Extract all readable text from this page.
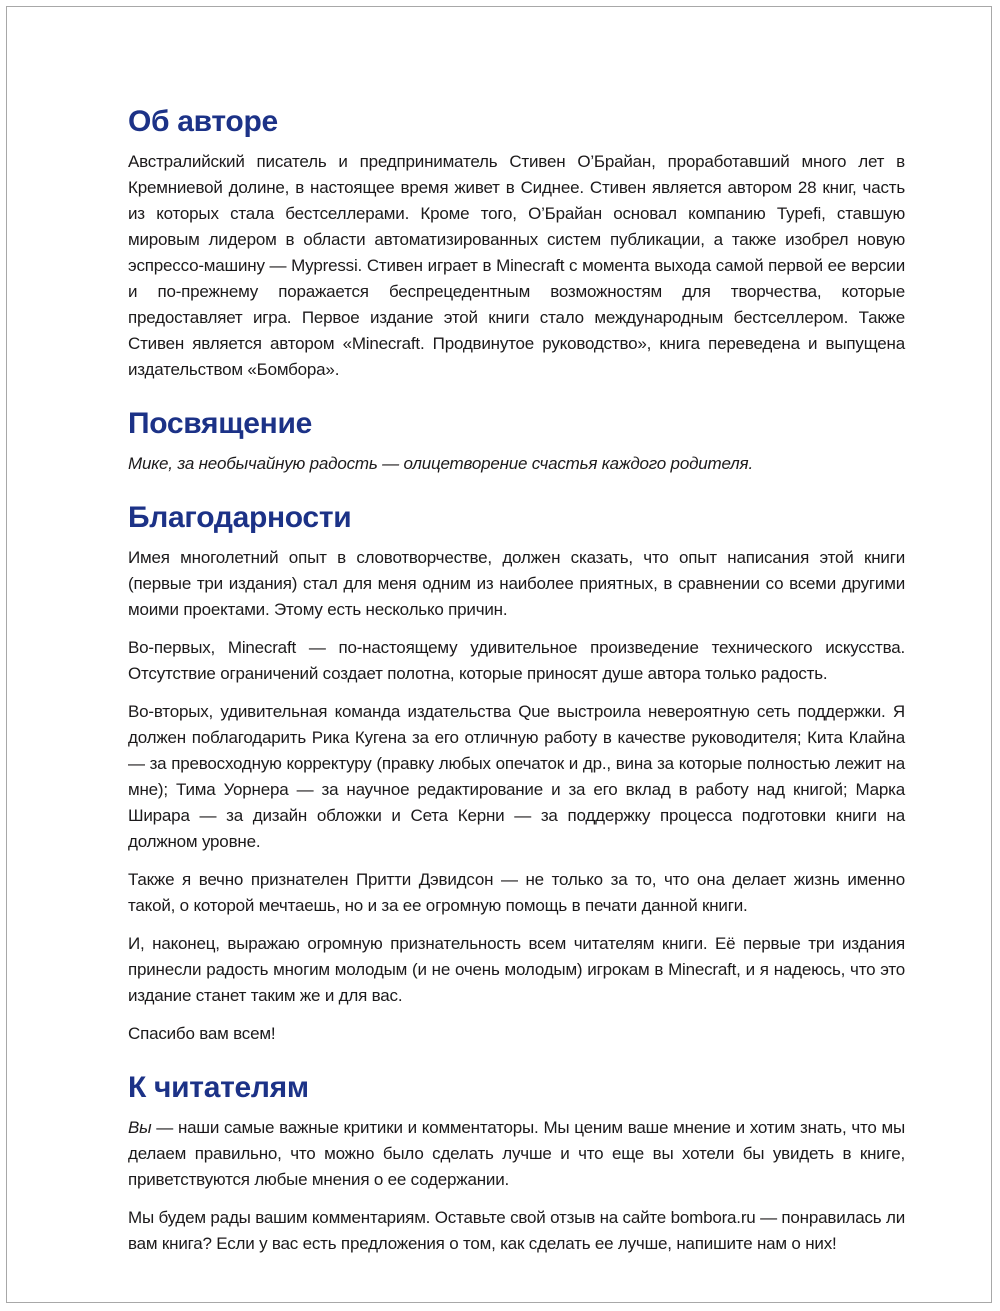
Об авторе

Австралийский писатель и предприниматель Стивен О’Брайан, проработавший много лет в Кремниевой долине, в настоящее время живет в Сиднее. Стивен является автором 28 книг, часть из которых стала бестселлерами. Кроме того, О’Брайан основал компанию Typefi, ставшую мировым лидером в области автоматизированных систем публикации, а также изобрел новую эспрессо-машину — Mypressi. Стивен играет в Minecraft с момента выхода самой первой ее версии и по-прежнему поражается беспрецедентным возможностям для творчества, которые предоставляет игра. Первое издание этой книги стало международным бестселлером. Также Стивен является автором «Minecraft. Продвинутое руководство», книга переведена и выпущена издательством «Бомбора».

Посвящение

Мике, за необычайную радость — олицетворение счастья каждого родителя.

Благодарности

Имея многолетний опыт в словотворчестве, должен сказать, что опыт написания этой книги (первые три издания) стал для меня одним из наиболее приятных, в сравнении со всеми другими моими проектами. Этому есть несколько причин.

Во-первых, Minecraft — по-настоящему удивительное произведение технического искусства. Отсутствие ограничений создает полотна, которые приносят душе автора только радость.

Во-вторых, удивительная команда издательства Que выстроила невероятную сеть поддержки. Я должен поблагодарить Рика Кугена за его отличную работу в качестве руководителя; Кита Клайна — за превосходную корректуру (правку любых опечаток и др., вина за которые полностью лежит на мне); Тима Уорнера — за научное редактирование и за его вклад в работу над книгой; Марка Ширара — за дизайн обложки и Сета Керни — за поддержку процесса подготовки книги на должном уровне.

Также я вечно признателен Притти Дэвидсон — не только за то, что она делает жизнь именно такой, о которой мечтаешь, но и за ее огромную помощь в печати данной книги.

И, наконец, выражаю огромную признательность всем читателям книги. Её первые три издания принесли радость многим молодым (и не очень молодым) игрокам в Minecraft, и я надеюсь, что это издание станет таким же и для вас.

Спасибо вам всем!

К читателям

Вы — наши самые важные критики и комментаторы. Мы ценим ваше мнение и хотим знать, что мы делаем правильно, что можно было сделать лучше и что еще вы хотели бы увидеть в книге, приветствуются любые мнения о ее содержании.

Мы будем рады вашим комментариям. Оставьте свой отзыв на сайте bombora.ru — понравилась ли вам книга? Если у вас есть предложения о том, как сделать ее лучше, напишите нам о них!
